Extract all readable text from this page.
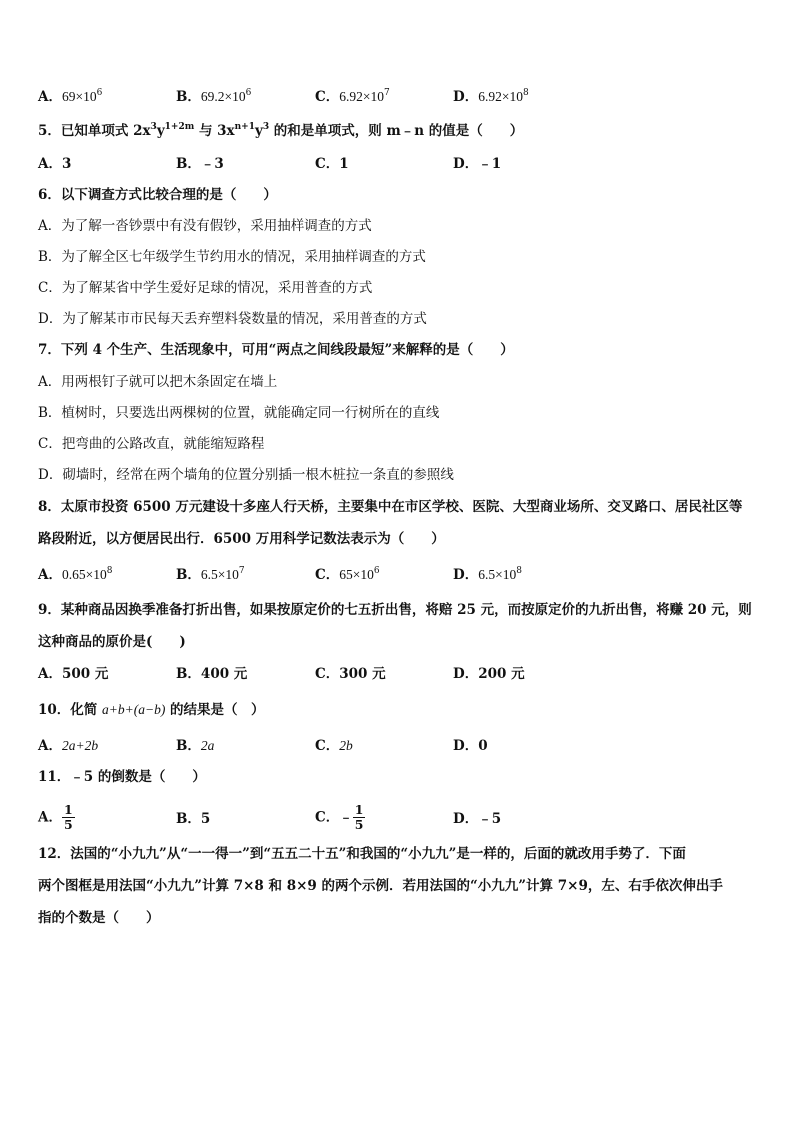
A．$69\times 10^6$	B．$69.2\times 10^6$	C．$6.92\times 10^7$	D．$6.92\times 10^8$
5．已知单项式 $2x^3y^{1+2m}$ 与 $3x^{n+1}y^3$ 的和是单项式，则 m﹣n 的值是（　　）
A．3	B．﹣3	C．1	D．﹣1
6．以下调查方式比较合理的是（　　）
A．为了解一沓钞票中有没有假钞，采用抽样调查的方式
B．为了解全区七年级学生节约用水的情况，采用抽样调查的方式
C．为了解某省中学生爱好足球的情况，采用普查的方式
D．为了解某市市民每天丢弃塑料袋数量的情况，采用普查的方式
7．下列 4 个生产、生活现象中，可用“两点之间线段最短”来解释的是（　　）
A．用两根钉子就可以把木条固定在墙上
B．植树时，只要选出两棵树的位置，就能确定同一行树所在的直线
C．把弯曲的公路改直，就能缩短路程
D．砌墙时，经常在两个墙角的位置分别插一根木桩拉一条直的参照线
8．太原市投资 6500 万元建设十多座人行天桥，主要集中在市区学校、医院、大型商业场所、交叉路口、居民社区等
路段附近，以方便居民出行．6500 万用科学记数法表示为（　　）
A．$0.65\times 10^8$	B．$6.5\times 10^7$	C．$65\times 10^6$	D．$6.5\times 10^8$
9．某种商品因换季准备打折出售，如果按原定价的七五折出售，将赔 25 元，而按原定价的九折出售，将赚 20 元，则
这种商品的原价是(　　)
A．500 元	B．400 元	C．300 元	D．200 元
10．化简 a+b+(a−b) 的结果是（　）
A．2a+2b	B．2a	C．2b	D．0
11．﹣5 的倒数是（　　）
A． $\frac{1}{5}$	B．5	C．﹣ $\frac{1}{5}$	D．﹣5
12．法国的“小九九”从“一一得一”到“五五二十五”和我国的“小九九”是一样的，后面的就改用手势了．下面
两个图框是用法国“小九九”计算 7×8 和 8×9 的两个示例．若用法国的“小九九”计算 7×9，左、右手依次伸出手
指的个数是（　　）
